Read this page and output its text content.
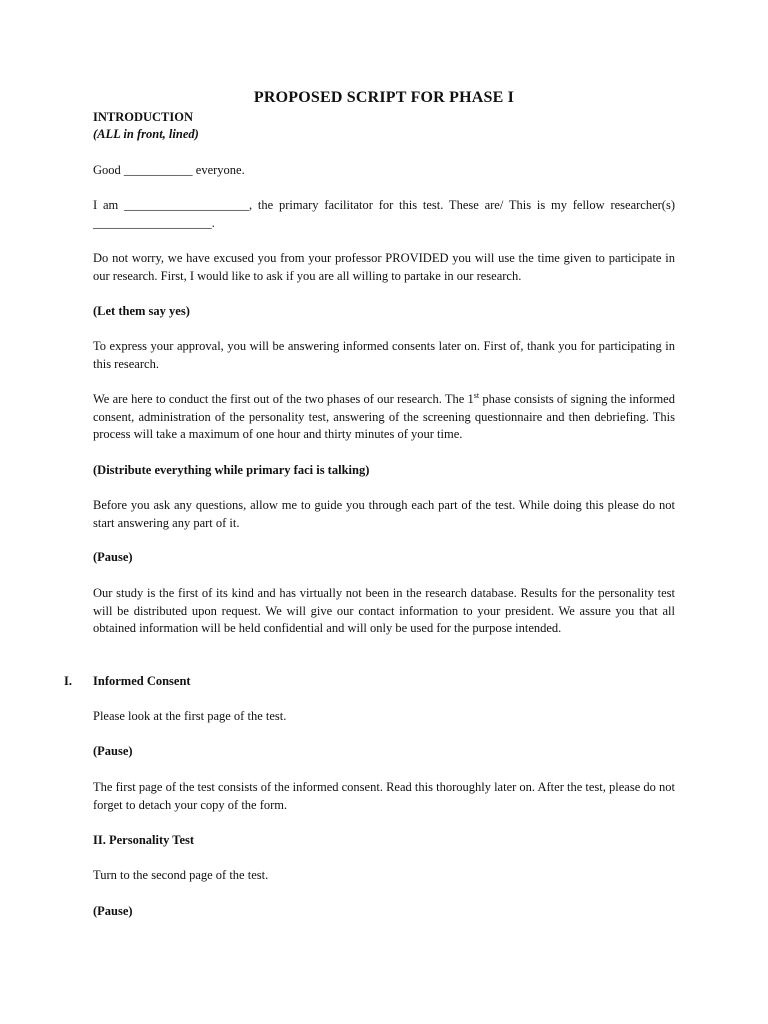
PROPOSED SCRIPT FOR PHASE I

INTRODUCTION

(ALL in front, lined)

Good ___________ everyone.

I am ____________________, the primary facilitator for this test. These are/ This is my fellow researcher(s) ___________________.

Do not worry, we have excused you from your professor PROVIDED you will use the time given to participate in our research. First, I would like to ask if you are all willing to partake in our research.

(Let them say yes)

To express your approval, you will be answering informed consents later on. First of, thank you for participating in this research.

We are here to conduct the first out of the two phases of our research. The 1st phase consists of signing the informed consent, administration of the personality test, answering of the screening questionnaire and then debriefing. This process will take a maximum of one hour and thirty minutes of your time.

(Distribute everything while primary faci is talking)

Before you ask any questions, allow me to guide you through each part of the test. While doing this please do not start answering any part of it.

(Pause)

Our study is the first of its kind and has virtually not been in the research database. Results for the personality test will be distributed upon request. We will give our contact information to your president. We assure you that all obtained information will be held confidential and will only be used for the purpose intended.

I. Informed Consent

Please look at the first page of the test.

(Pause)

The first page of the test consists of the informed consent. Read this thoroughly later on. After the test, please do not forget to detach your copy of the form.

II. Personality Test

Turn to the second page of the test.

(Pause)
